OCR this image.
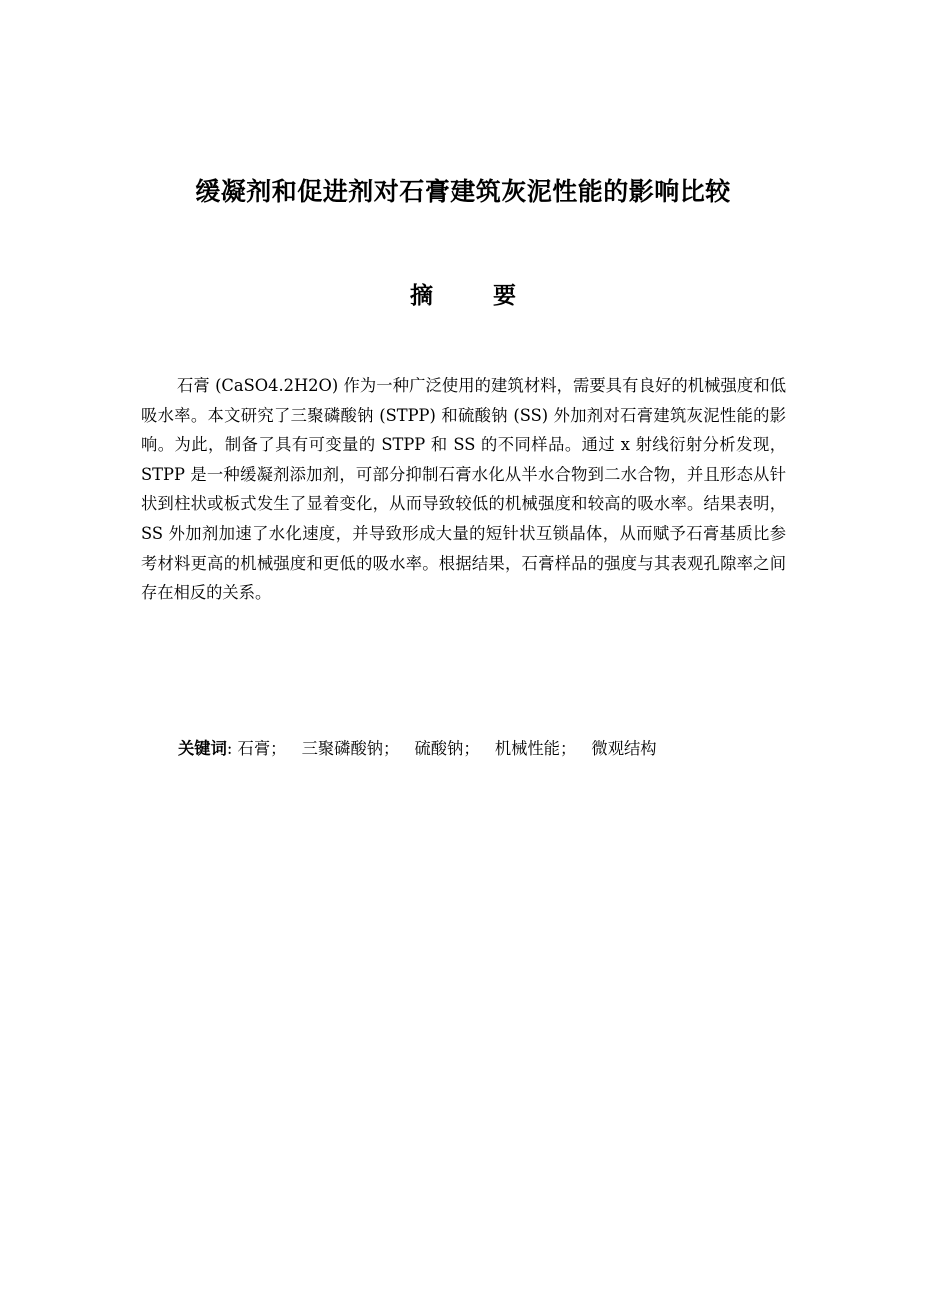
缓凝剂和促进剂对石膏建筑灰泥性能的影响比较
摘 要

石膏 (CaSO4.2H2O) 作为一种广泛使用的建筑材料，需要具有良好的机械强度和低吸水率。本文研究了三聚磷酸钠 (STPP) 和硫酸钠 (SS) 外加剂对石膏建筑灰泥性能的影响。为此，制备了具有可变量的 STPP 和 SS 的不同样品。通过 x 射线衍射分析发现，STPP 是一种缓凝剂添加剂，可部分抑制石膏水化从半水合物到二水合物，并且形态从针状到柱状或板式发生了显着变化，从而导致较低的机械强度和较高的吸水率。结果表明，SS 外加剂加速了水化速度，并导致形成大量的短针状互锁晶体，从而赋予石膏基质比参考材料更高的机械强度和更低的吸水率。根据结果，石膏样品的强度与其表观孔隙率之间存在相反的关系。

关键词: 石膏； 三聚磷酸钠； 硫酸钠； 机械性能； 微观结构
